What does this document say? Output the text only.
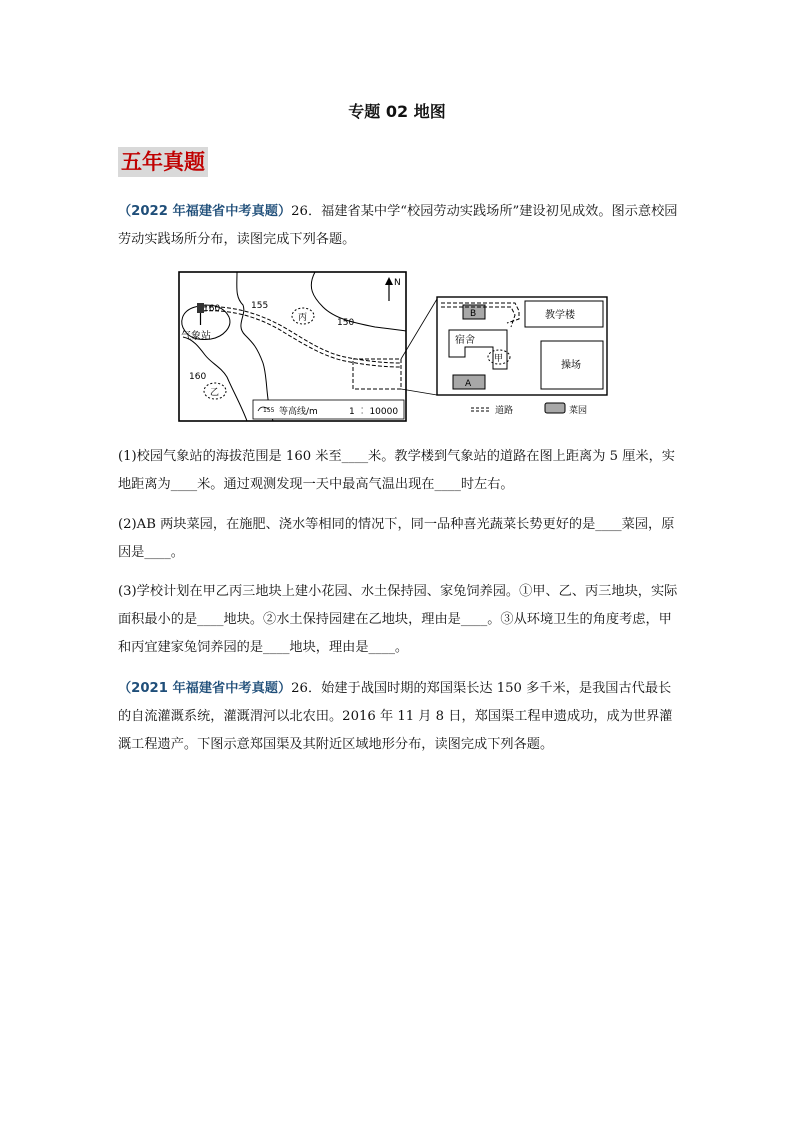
专题 02 地图
五年真题
（2022 年福建省中考真题）26．福建省某中学“校园劳动实践场所”建设初见成效。图示意校园劳动实践场所分布，读图完成下列各题。
160	155
150
160
气象站
丙
乙
N
155 等高线/m	1 ︰ 10000
教学楼
宿舍
操场
B
A
甲
道路	菜园
(1)校园气象站的海拔范围是 160 米至____米。教学楼到气象站的道路在图上距离为 5 厘米，实地距离为____米。通过观测发现一天中最高气温出现在____时左右。
(2)AB 两块菜园，在施肥、浇水等相同的情况下，同一品种喜光蔬菜长势更好的是____菜园，原因是____。
(3)学校计划在甲乙丙三地块上建小花园、水土保持园、家兔饲养园。①甲、乙、丙三地块，实际面积最小的是____地块。②水土保持园建在乙地块，理由是____。③从环境卫生的角度考虑，甲和丙宜建家兔饲养园的是____地块，理由是____。
（2021 年福建省中考真题）26．始建于战国时期的郑国渠长达 150 多千米，是我国古代最长的自流灌溉系统，灌溉渭河以北农田。2016 年 11 月 8 日，郑国渠工程申遗成功，成为世界灌溉工程遗产。下图示意郑国渠及其附近区域地形分布，读图完成下列各题。
